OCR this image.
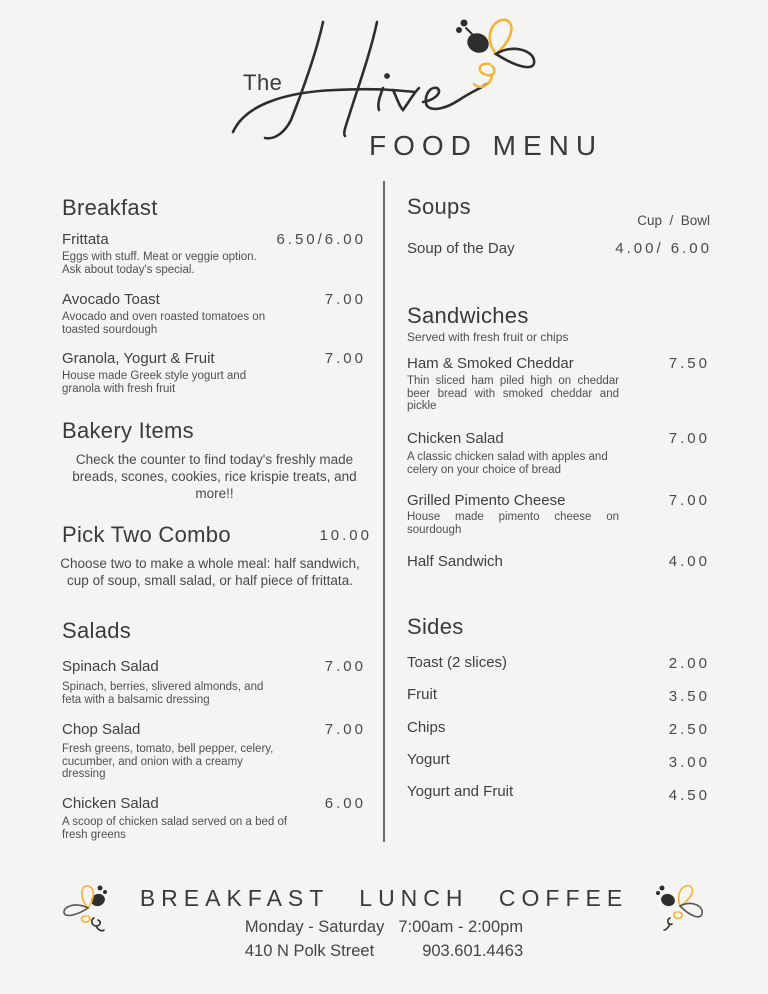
The
FOOD MENU
Breakfast
Frittata	6.50/6.00
Eggs with stuff. Meat or veggie option. Ask about today's special.
Avocado Toast	7.00
Avocado and oven roasted tomatoes on toasted sourdough
Granola, Yogurt & Fruit	7.00
House made Greek style yogurt and granola with fresh fruit
Bakery Items
Check the counter to find today's freshly made breads, scones, cookies, rice krispie treats, and more!!
Pick Two Combo	10.00
Choose two to make a whole meal: half sandwich, cup of soup, small salad, or half piece of frittata.
Salads
Spinach Salad	7.00
Spinach, berries, slivered almonds, and feta with a balsamic dressing
Chop Salad	7.00
Fresh greens, tomato, bell pepper, celery, cucumber, and onion with a creamy dressing
Chicken Salad	6.00
A scoop of chicken salad served on a bed of fresh greens
Soups
Cup  /  Bowl
Soup of the Day	4.00/ 6.00
Sandwiches
Served with fresh fruit or chips
Ham & Smoked Cheddar	7.50
Thin sliced ham piled high on cheddar beer bread with smoked cheddar and pickle
Chicken Salad	7.00
A classic chicken salad with apples and celery on your choice of bread
Grilled Pimento Cheese	7.00
House made pimento cheese on sourdough
Half Sandwich	4.00
Sides
Toast (2 slices)	2.00
Fruit	3.50
Chips	2.50
Yogurt	3.00
Yogurt and Fruit	4.50
BREAKFAST LUNCH COFFEE
Monday - Saturday 7:00am - 2:00pm
410 N Polk Street	903.601.4463
